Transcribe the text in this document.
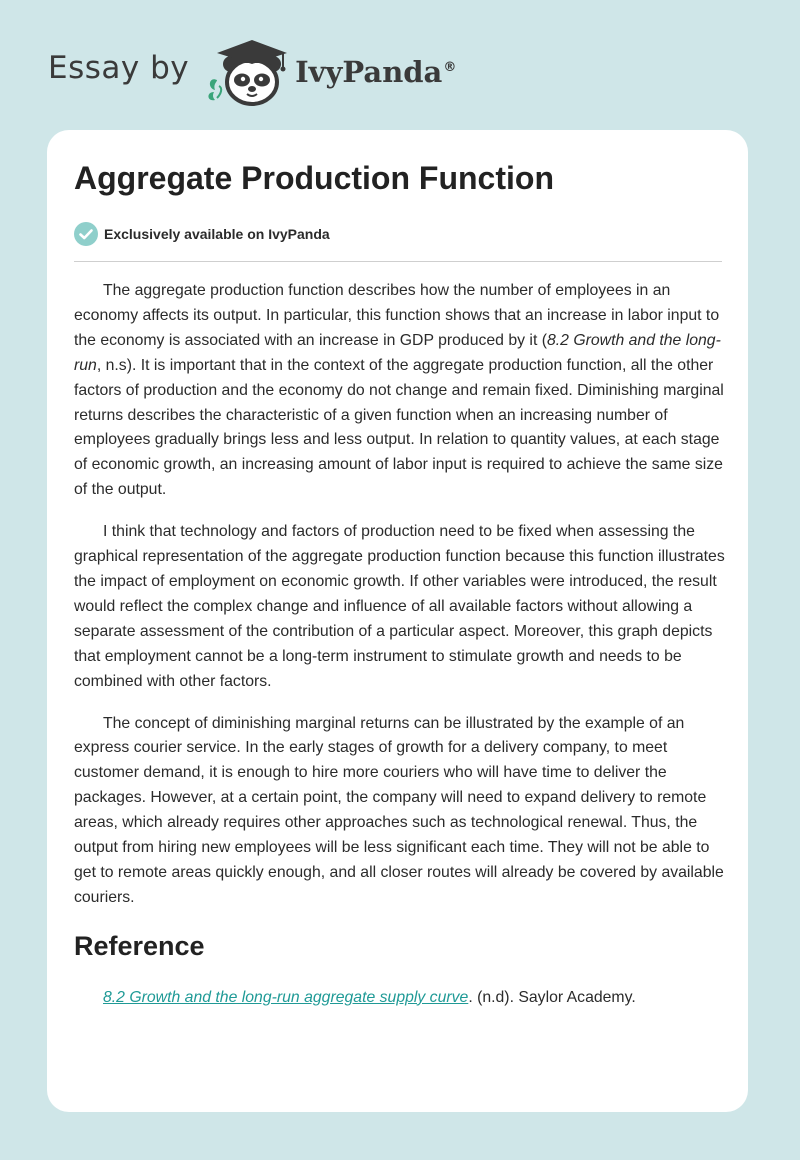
Essay by	IvyPanda®
Aggregate Production Function
Exclusively available on IvyPanda

The aggregate production function describes how the number of employees in an economy affects its output. In particular, this function shows that an increase in labor input to the economy is associated with an increase in GDP produced by it (8.2 Growth and the long-run, n.s). It is important that in the context of the aggregate production function, all the other factors of production and the economy do not change and remain fixed. Diminishing marginal returns describes the characteristic of a given function when an increasing number of employees gradually brings less and less output. In relation to quantity values, at each stage of economic growth, an increasing amount of labor input is required to achieve the same size of the output.

I think that technology and factors of production need to be fixed when assessing the graphical representation of the aggregate production function because this function illustrates the impact of employment on economic growth. If other variables were introduced, the result would reflect the complex change and influence of all available factors without allowing a separate assessment of the contribution of a particular aspect. Moreover, this graph depicts that employment cannot be a long-term instrument to stimulate growth and needs to be combined with other factors.

The concept of diminishing marginal returns can be illustrated by the example of an express courier service. In the early stages of growth for a delivery company, to meet customer demand, it is enough to hire more couriers who will have time to deliver the packages. However, at a certain point, the company will need to expand delivery to remote areas, which already requires other approaches such as technological renewal. Thus, the output from hiring new employees will be less significant each time. They will not be able to get to remote areas quickly enough, and all closer routes will already be covered by available couriers.

Reference

8.2 Growth and the long-run aggregate supply curve. (n.d). Saylor Academy.
